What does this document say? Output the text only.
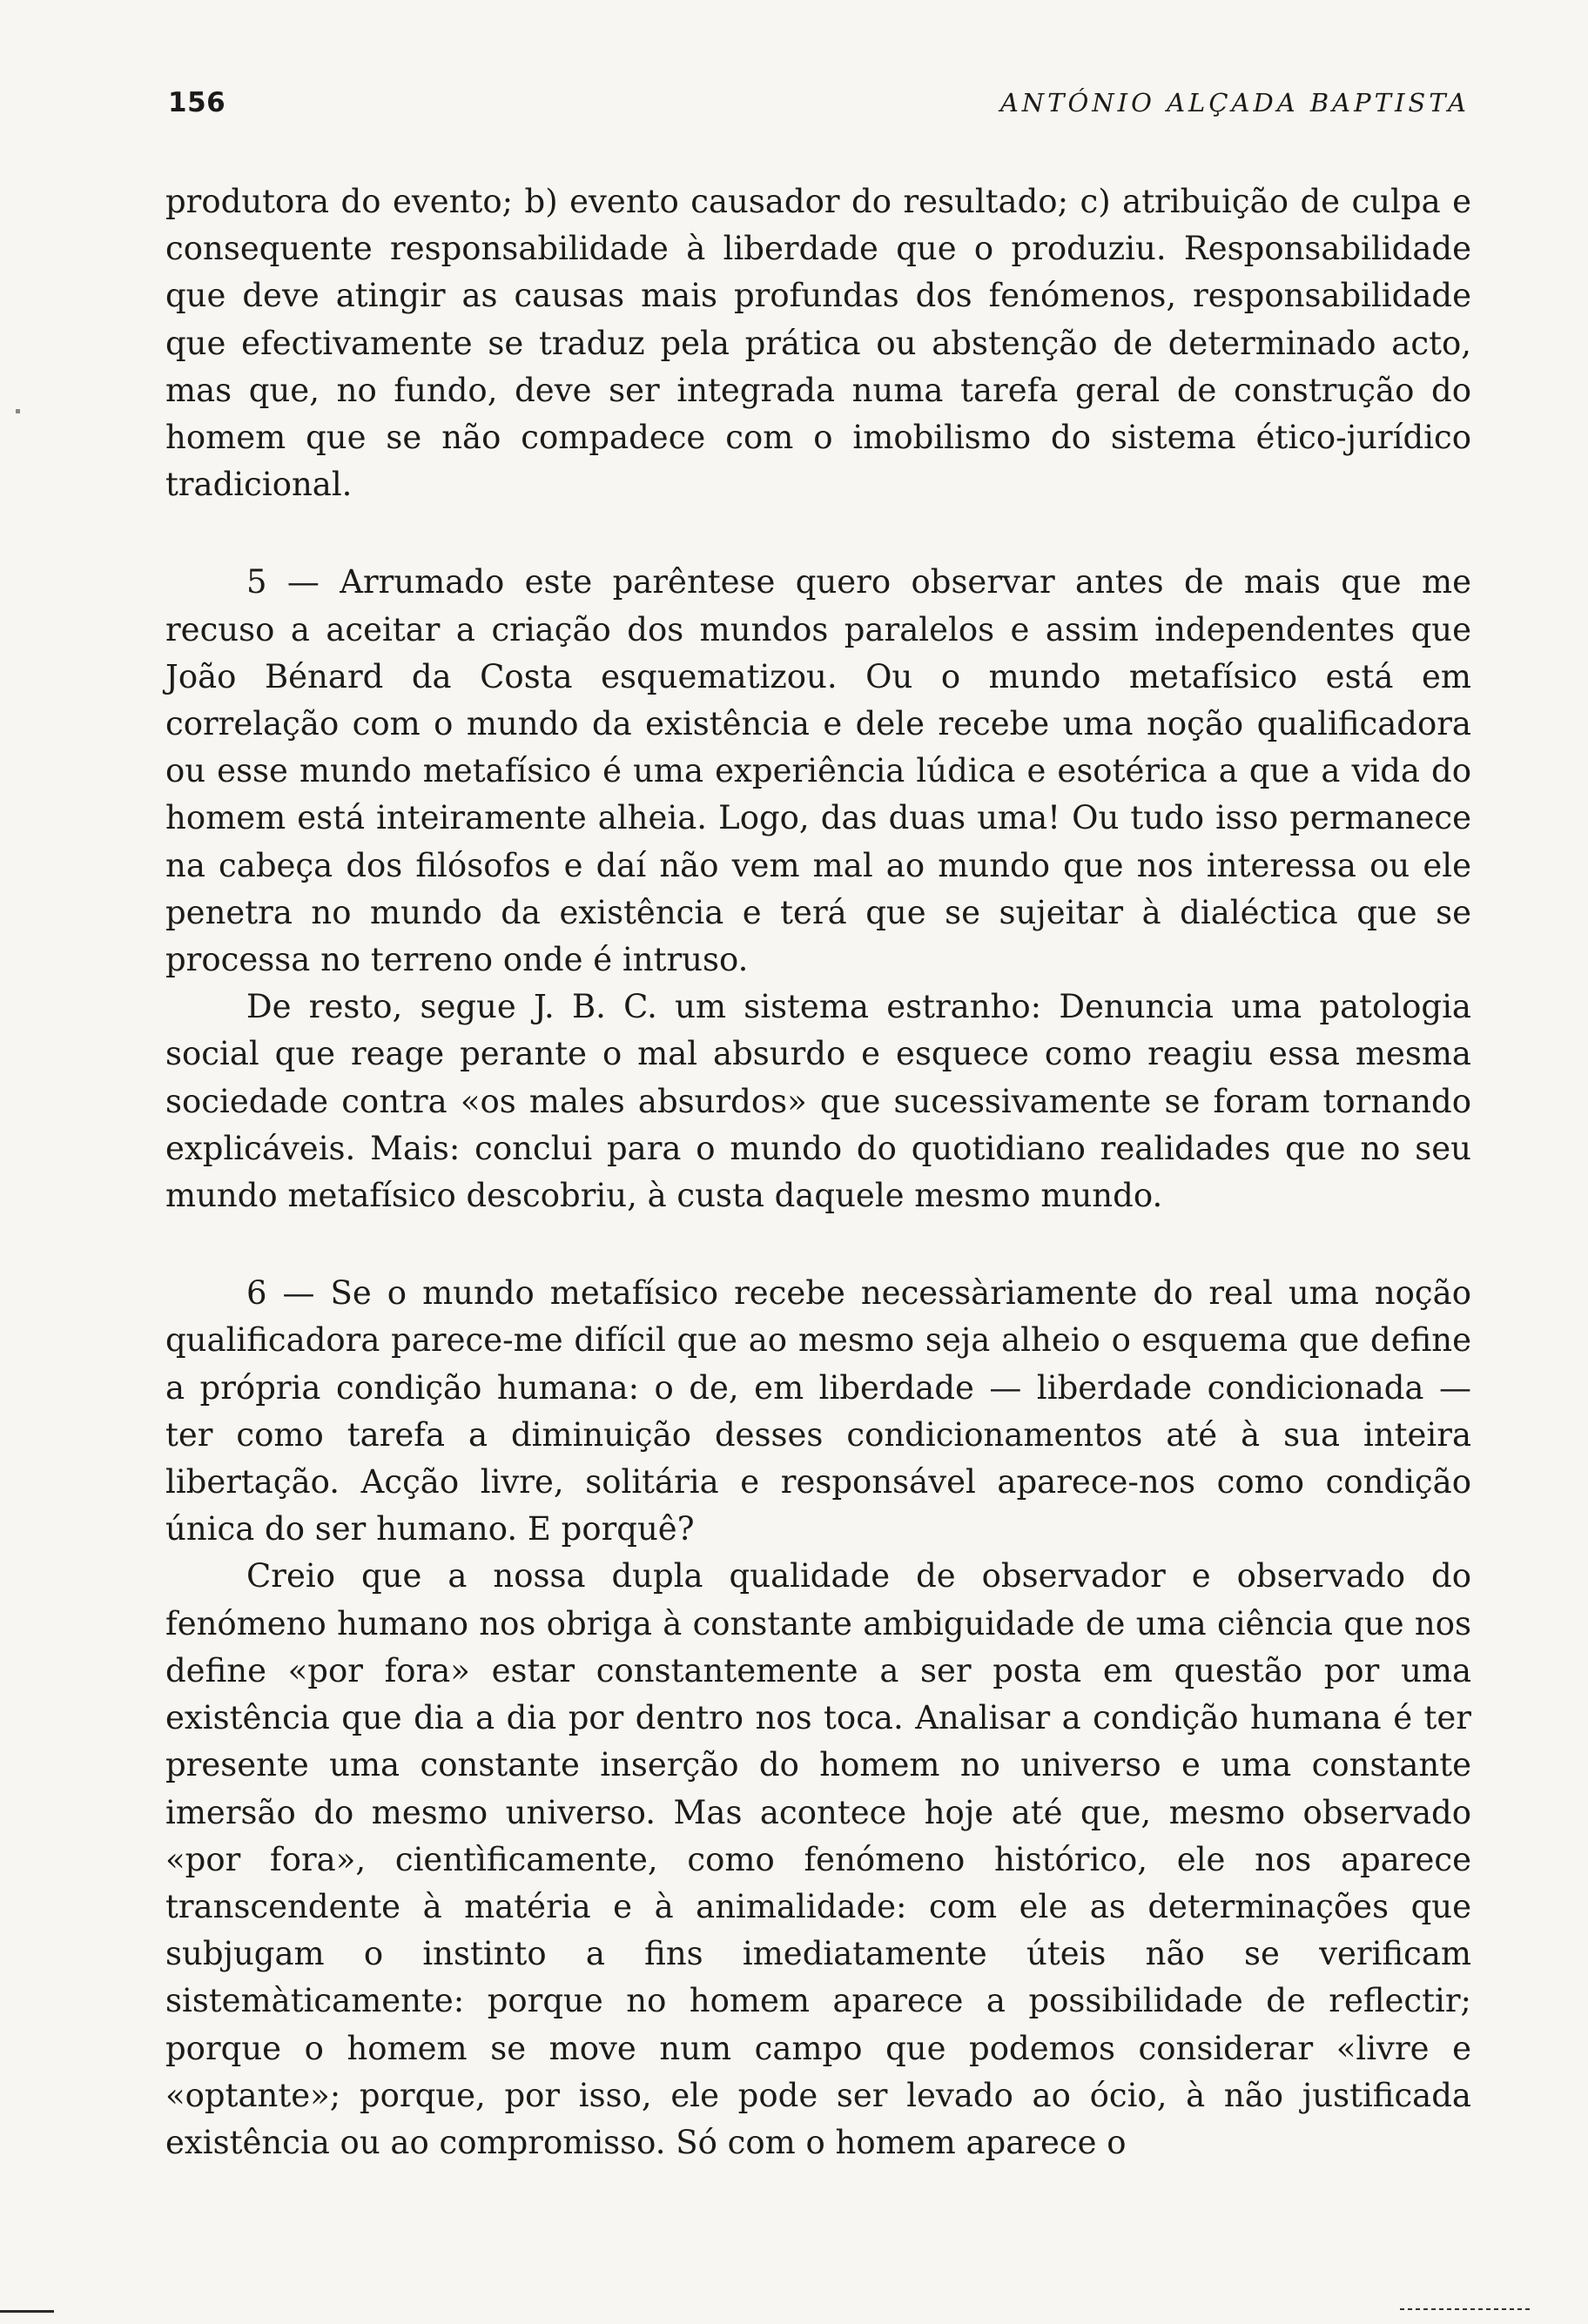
156	ANTÓNIO ALÇADA BAPTISTA

produtora do evento; b) evento causador do resultado; c) atribuição de culpa e consequente responsabilidade à liberdade que o produziu. Responsabilidade que deve atingir as causas mais profundas dos fenómenos, responsabilidade que efectivamente se traduz pela prática ou abstenção de determinado acto, mas que, no fundo, deve ser integrada numa tarefa geral de construção do homem que se não compadece com o imobilismo do sistema ético-jurídico tradicional.

5 — Arrumado este parêntese quero observar antes de mais que me recuso a aceitar a criação dos mundos paralelos e assim independentes que João Bénard da Costa esquematizou. Ou o mundo metafísico está em correlação com o mundo da existência e dele recebe uma noção qualificadora ou esse mundo metafísico é uma experiência lúdica e esotérica a que a vida do homem está inteiramente alheia. Logo, das duas uma! Ou tudo isso permanece na cabeça dos filósofos e daí não vem mal ao mundo que nos interessa ou ele penetra no mundo da existência e terá que se sujeitar à dialéctica que se processa no terreno onde é intruso.

De resto, segue J. B. C. um sistema estranho: Denuncia uma patologia social que reage perante o mal absurdo e esquece como reagiu essa mesma sociedade contra «os males absurdos» que sucessivamente se foram tornando explicáveis. Mais: conclui para o mundo do quotidiano realidades que no seu mundo metafísico descobriu, à custa daquele mesmo mundo.

6 — Se o mundo metafísico recebe necessàriamente do real uma noção qualificadora parece-me difícil que ao mesmo seja alheio o esquema que define a própria condição humana: o de, em liberdade — liberdade condicionada — ter como tarefa a diminuição desses condicionamentos até à sua inteira libertação. Acção livre, solitária e responsável aparece-nos como condição única do ser humano. E porquê?

Creio que a nossa dupla qualidade de observador e observado do fenómeno humano nos obriga à constante ambiguidade de uma ciência que nos define «por fora» estar constantemente a ser posta em questão por uma existência que dia a dia por dentro nos toca. Analisar a condição humana é ter presente uma constante inserção do homem no universo e uma constante imersão do mesmo universo. Mas acontece hoje até que, mesmo observado «por fora», cientìficamente, como fenómeno histórico, ele nos aparece transcendente à matéria e à animalidade: com ele as determinações que subjugam o instinto a fins imediatamente úteis não se verificam sistemàticamente: porque no homem aparece a possibilidade de reflectir; porque o homem se move num campo que podemos considerar «livre e «optante»; porque, por isso, ele pode ser levado ao ócio, à não justificada existência ou ao compromisso. Só com o homem aparece o
